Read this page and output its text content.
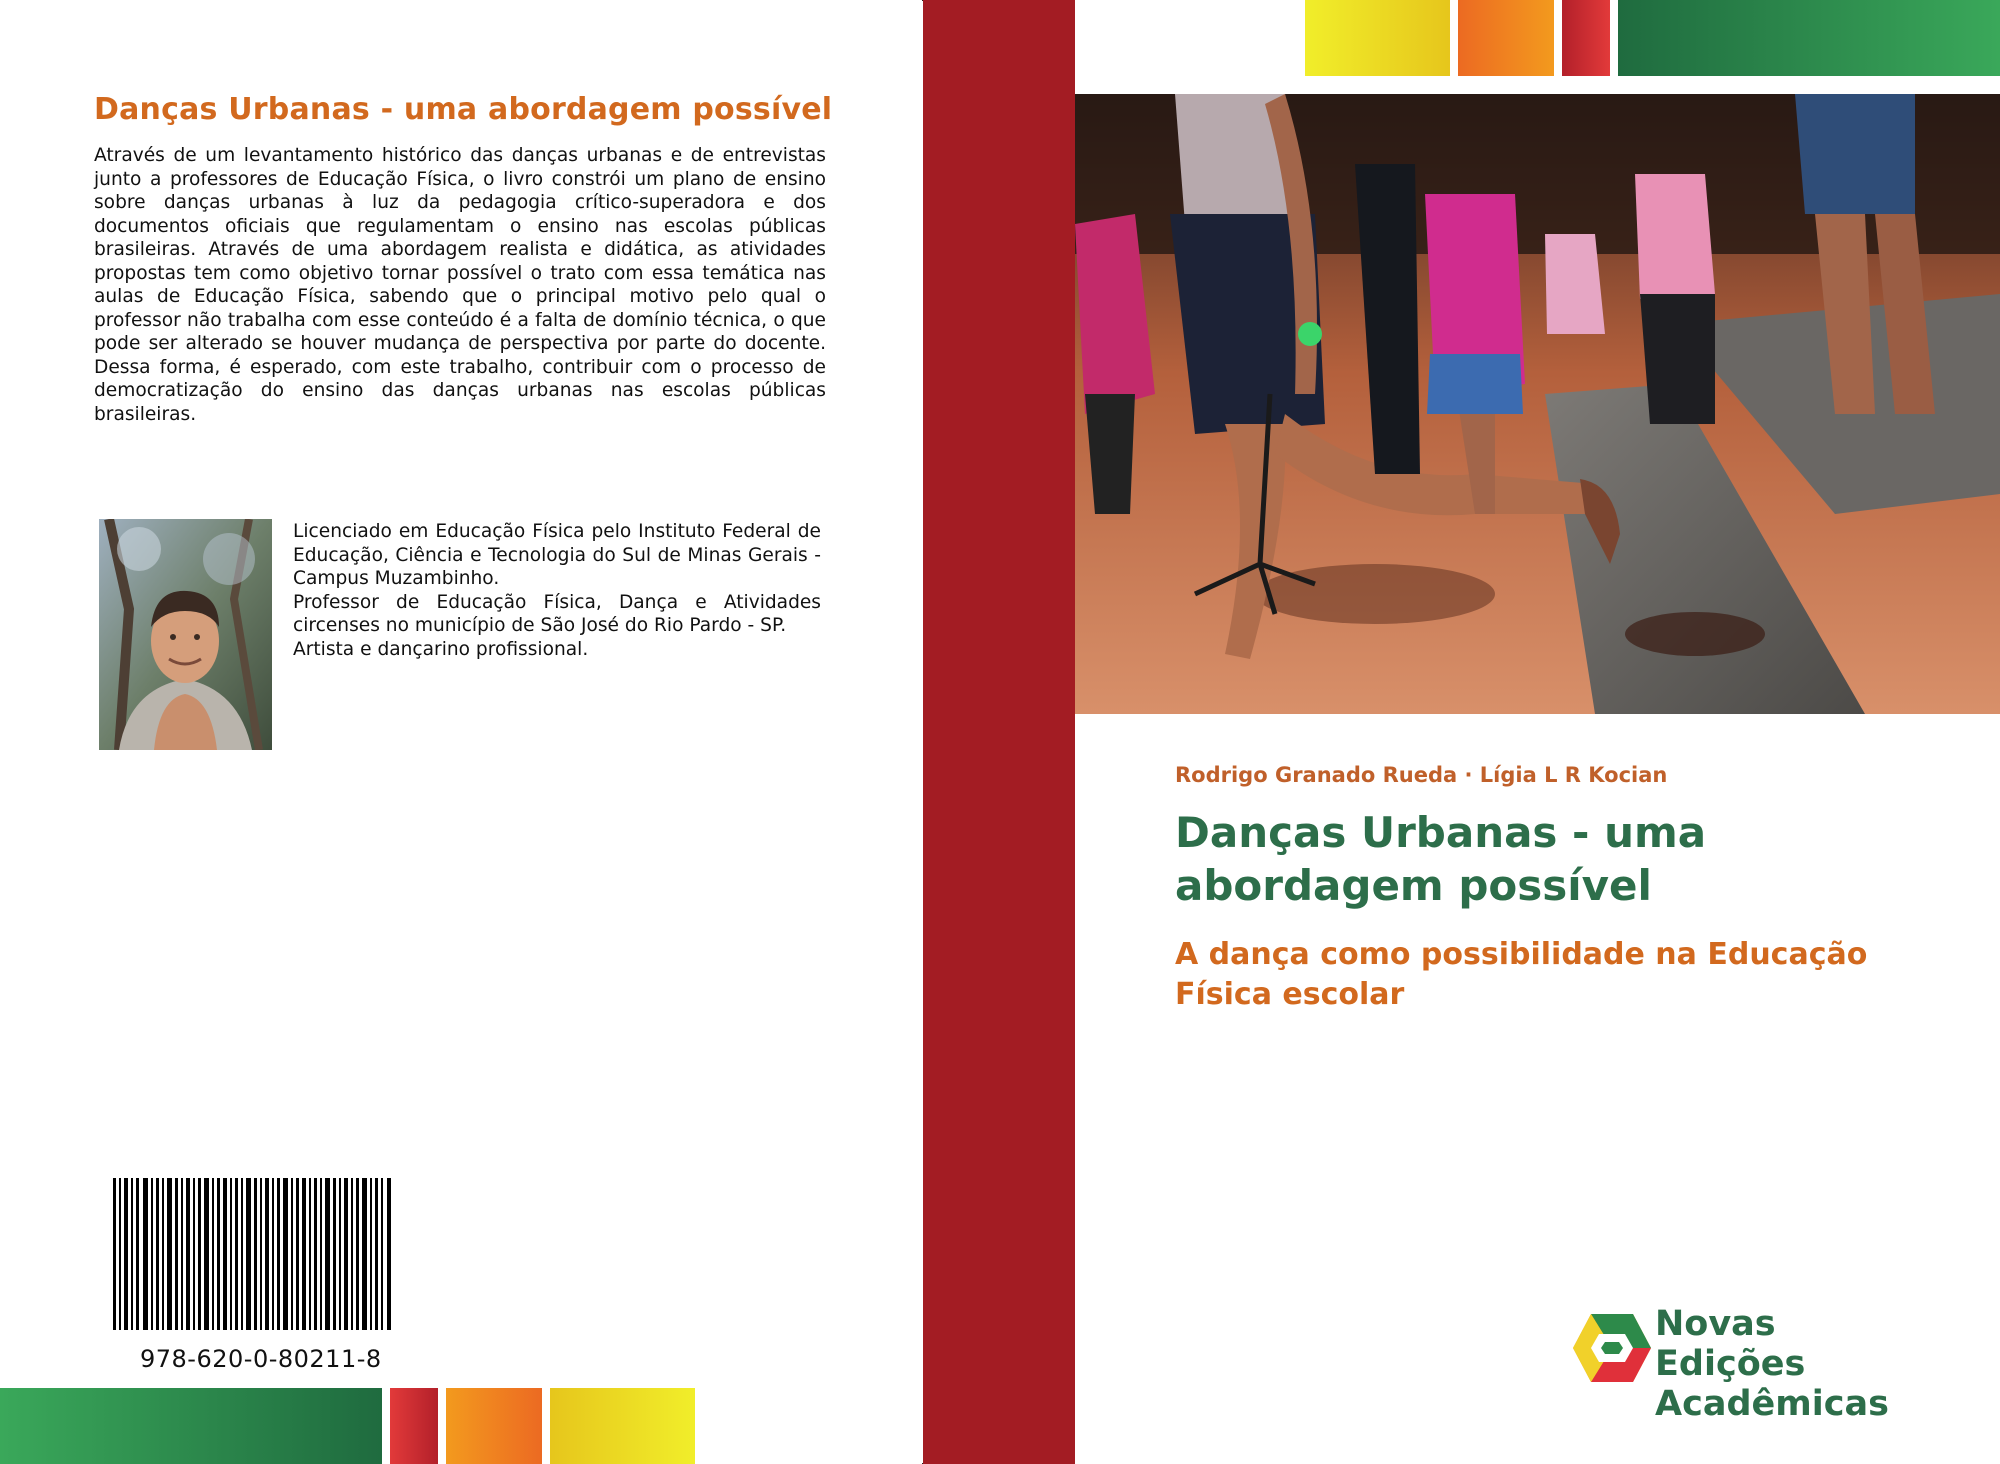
Danças Urbanas - uma abordagem possível
Através de um levantamento histórico das danças urbanas e de entrevistas junto a professores de Educação Física, o livro constrói um plano de ensino sobre danças urbanas à luz da pedagogia crítico-superadora e dos documentos oficiais que regulamentam o ensino nas escolas públicas brasileiras. Através de uma abordagem realista e didática, as atividades propostas tem como objetivo tornar possível o trato com essa temática nas aulas de Educação Física, sabendo que o principal motivo pelo qual o professor não trabalha com esse conteúdo é a falta de domínio técnica, o que pode ser alterado se houver mudança de perspectiva por parte do docente. Dessa forma, é esperado, com este trabalho, contribuir com o processo de democratização do ensino das danças urbanas nas escolas públicas brasileiras.

Licenciado em Educação Física pelo Instituto Federal de Educação, Ciência e Tecnologia do Sul de Minas Gerais - Campus Muzambinho.

Professor de Educação Física, Dança e Atividades circenses no município de São José do Rio Pardo - SP.

Artista e dançarino profissional.

978-620-0-80211-8
Rodrigo Granado Rueda · Lígia L R Kocian
Danças Urbanas - uma abordagem possível
A dança como possibilidade na Educação Física escolar
Novas Edições
Acadêmicas
